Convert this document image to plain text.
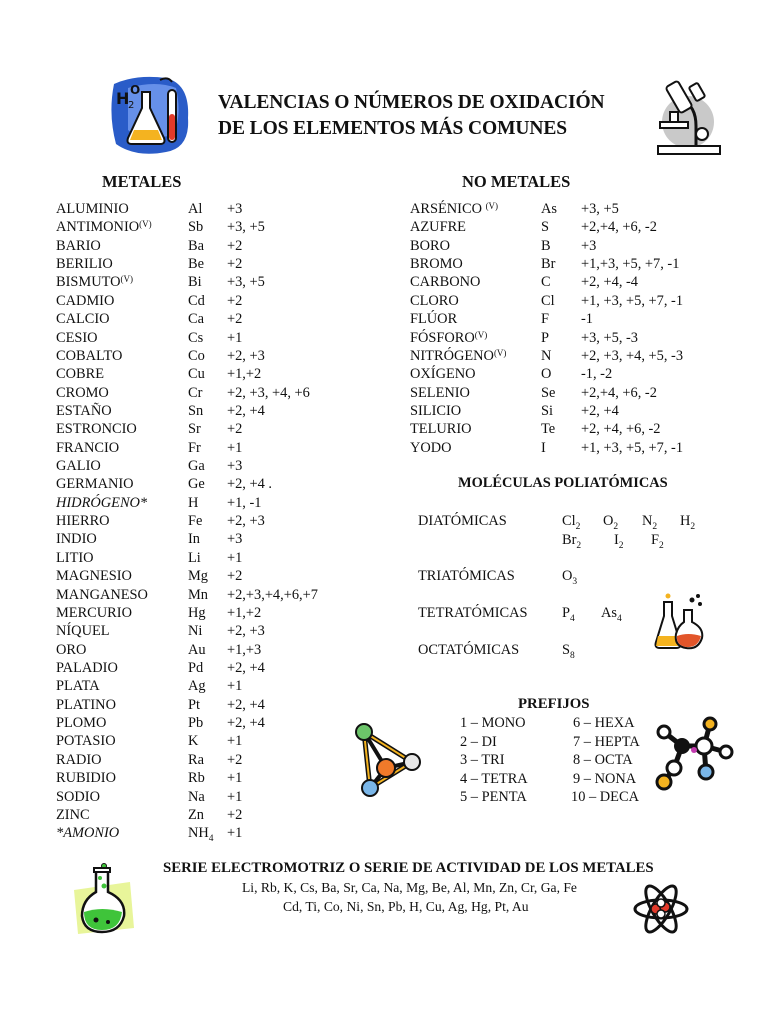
VALENCIAS O NÚMEROS DE OXIDACIÓN
DE LOS ELEMENTOS MÁS COMUNES
H
2
O
METALES	NO METALES
ALUMINIO	Al +3
$ANTIMONIO^{(V)}$	Sb +3, +5
BARIO	Ba +2
BERILIO	Be +2
$BISMUTO^{(V)}$	Bi +3, +5
CADMIO	Cd +2
CALCIO	Ca +2
CESIO	Cs +1
COBALTO	Co +2, +3
COBRE	Cu +1,+2
CROMO	Cr +2, +3, +4, +6
ESTAÑO	Sn +2, +4
ESTRONCIO	Sr +2
FRANCIO	Fr +1
GALIO	Ga +3
GERMANIO	Ge +2, +4 .
HIDRÓGENO*	H +1, -1
HIERRO	Fe +2, +3
INDIO	In +3
LITIO	Li +1
MAGNESIO	Mg +2
MANGANESO	Mn +2,+3,+4,+6,+7
MERCURIO	Hg +1,+2
NÍQUEL	Ni +2, +3
ORO	Au +1,+3
PALADIO	Pd +2, +4
PLATA	Ag +1
PLATINO	Pt +2, +4
PLOMO	Pb +2, +4
POTASIO	K +1
RADIO	Ra +2
RUBIDIO	Rb +1
SODIO	Na +1
ZINC	Zn +2
*AMONIO	$NH_4 +1$
ARSÉNICO $^{(V)}$	As +3, +5
AZUFRE	S +2,+4, +6, -2
BORO	B +3
BROMO	Br +1,+3, +5, +7, -1
CARBONO	C +2, +4, -4
CLORO	Cl +1, +3, +5, +7, -1
FLÚOR	F -1
$FÓSFORO^{(V)}$	P +3, +5, -3
$NITRÓGENO^{(V)}$ N +2, +3, +4, +5, -3
OXÍGENO	O -1, -2
SELENIO	Se +2,+4, +6, -2
SILICIO	Si +2, +4
TELURIO	Te +2, +4, +6, -2
YODO	I +1, +3, +5, +7, -1
MOLÉCULAS POLIATÓMICAS
DIATÓMICAS	$Cl_2$ $O_2$ $N_2$ $H_2$
$Br_2$ $I_2$ $F_2$
TRIATÓMICAS	$O_3$
TETRATÓMICAS $P_4$ $As_4$
OCTATÓMICAS	$S_8$
PREFIJOS
1 – MONO
2 – DI
3 – TRI
4 – TETRA
5 – PENTA
6 – HEXA
7 – HEPTA
8 – OCTA
9 – NONA
10 – DECA
SERIE ELECTROMOTRIZ O SERIE DE ACTIVIDAD DE LOS METALES
Li, Rb, K, Cs, Ba, Sr, Ca, Na, Mg, Be, Al, Mn, Zn, Cr, Ga, Fe
Cd, Ti, Co, Ni, Sn, Pb, H, Cu, Ag, Hg, Pt, Au
